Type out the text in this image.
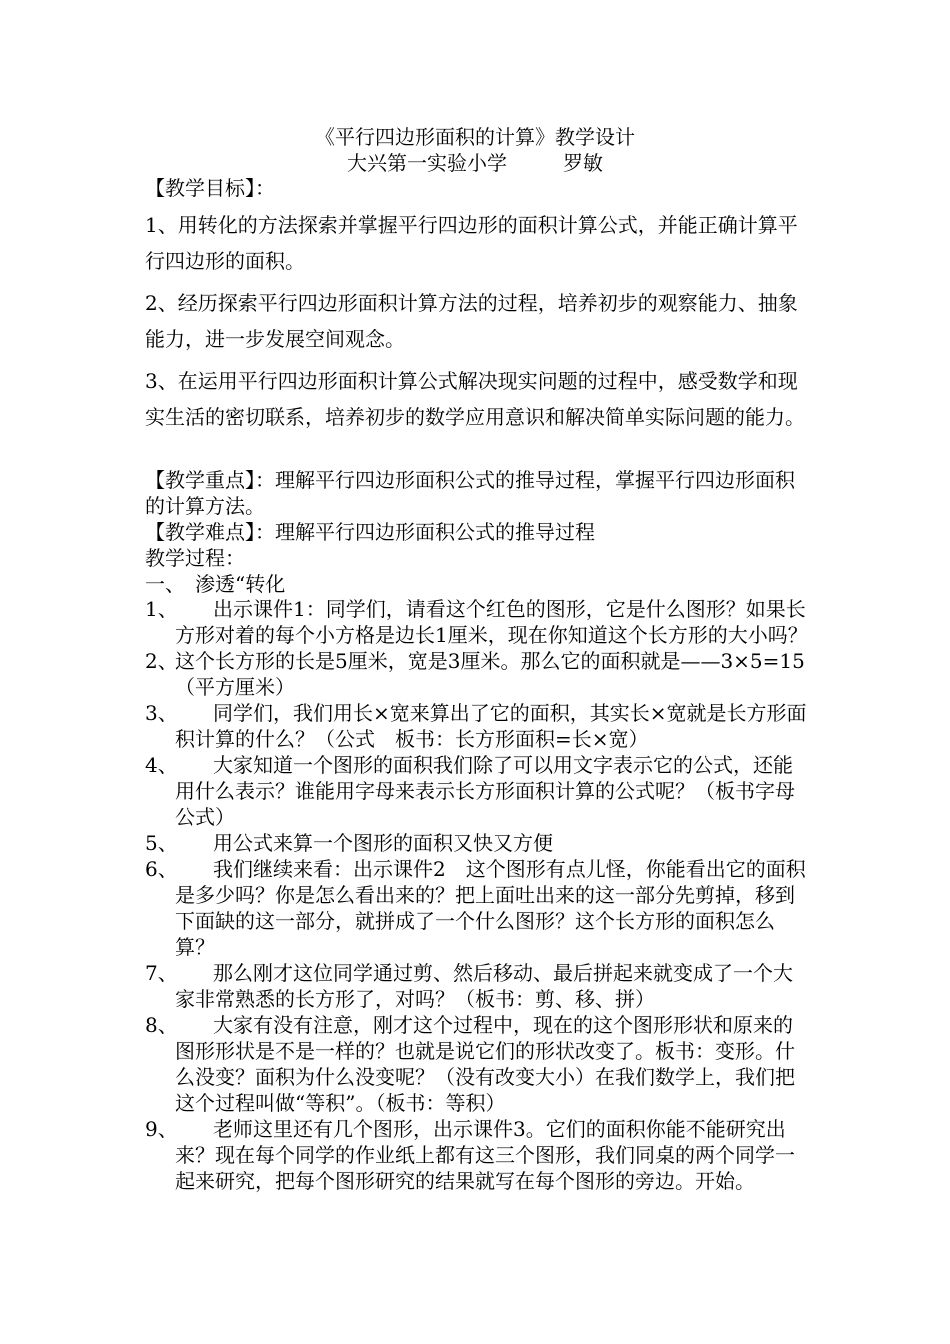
《平行四边形面积的计算》教学设计
大兴第一实验小学	罗敏
【教学目标】：

1、用转化的方法探索并掌握平行四边形的面积计算公式，并能正确计算平行四边形的面积。

2、经历探索平行四边形面积计算方法的过程，培养初步的观察能力、抽象能力，进一步发展空间观念。

3、在运用平行四边形面积计算公式解决现实问题的过程中，感受数学和现实生活的密切联系，培养初步的数学应用意识和解决简单实际问题的能力。

【教学重点】：理解平行四边形面积公式的推导过程，掌握平行四边形面积的计算方法。

【教学难点】：理解平行四边形面积公式的推导过程
教学过程：
一、　渗透“转化
1、	出示课件1：同学们，请看这个红色的图形，它是什么图形？如果长方形对着的每个小方格是边长1厘米，现在你知道这个长方形的大小吗？
2、
这个长方形的长是5厘米，宽是3厘米。那么它的面积就是——3×5=15（平方厘米）
3、	同学们，我们用长×宽来算出了它的面积，其实长×宽就是长方形面积计算的什么？（公式　板书：长方形面积=长×宽）
4、	大家知道一个图形的面积我们除了可以用文字表示它的公式，还能用什么表示？谁能用字母来表示长方形面积计算的公式呢？（板书字母公式）
5、	用公式来算一个图形的面积又快又方便
6、	我们继续来看：出示课件2　这个图形有点儿怪，你能看出它的面积是多少吗？你是怎么看出来的？把上面吐出来的这一部分先剪掉，移到下面缺的这一部分，就拼成了一个什么图形？这个长方形的面积怎么算？
7、	那么刚才这位同学通过剪、然后移动、最后拼起来就变成了一个大家非常熟悉的长方形了，对吗？（板书：剪、移、拼）
8、	大家有没有注意，刚才这个过程中，现在的这个图形形状和原来的图形形状是不是一样的？也就是说它们的形状改变了。板书：变形。什么没变？面积为什么没变呢？（没有改变大小）在我们数学上，我们把这个过程叫做“等积”。（板书：等积）
9、	老师这里还有几个图形，出示课件3。它们的面积你能不能研究出来？现在每个同学的作业纸上都有这三个图形，我们同桌的两个同学一起来研究，把每个图形研究的结果就写在每个图形的旁边。开始。
